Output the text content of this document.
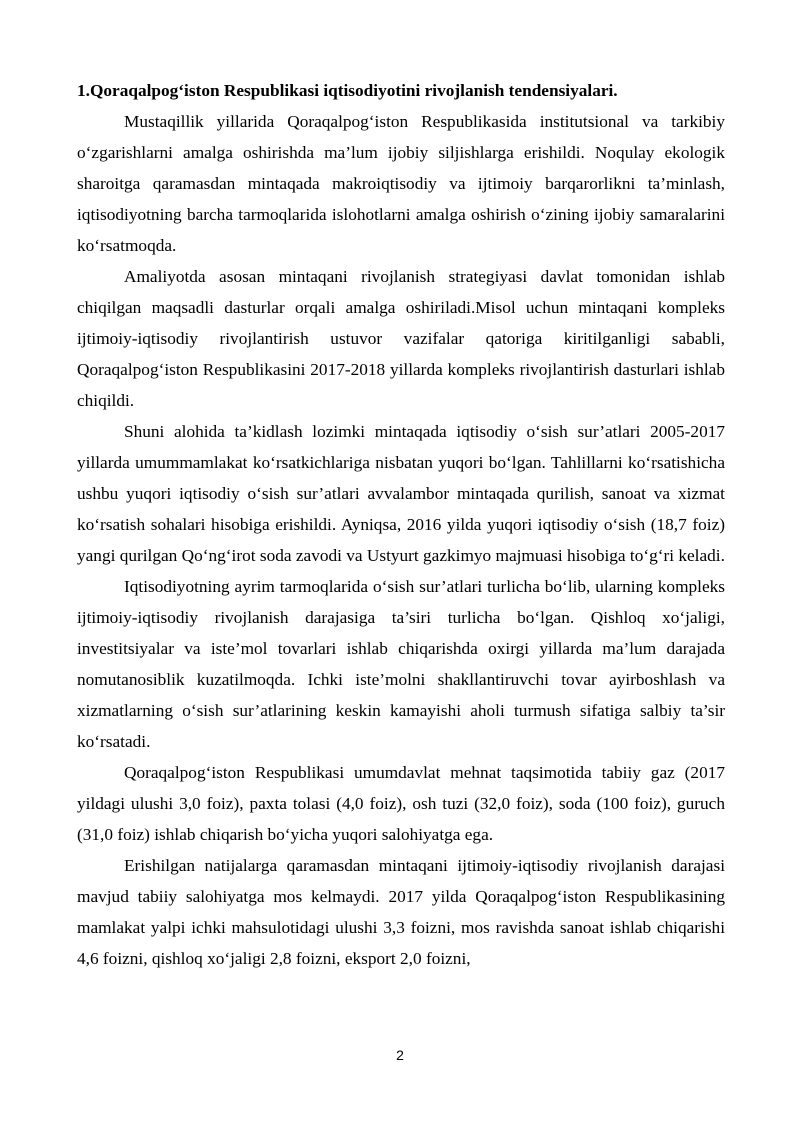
1.Qoraqalpog‘iston Respublikasi iqtisodiyotini rivojlanish tendensiyalari.

Mustaqillik yillarida Qoraqalpog‘iston Respublikasida institutsional va tarkibiy o‘zgarishlarni amalga oshirishda ma’lum ijobiy siljishlarga erishildi. Noqulay ekologik sharoitga qaramasdan mintaqada makroiqtisodiy va ijtimoiy barqarorlikni ta’minlash, iqtisodiyotning barcha tarmoqlarida islohotlarni amalga oshirish o‘zining ijobiy samaralarini ko‘rsatmoqda.

Amaliyotda asosan mintaqani rivojlanish strategiyasi davlat tomonidan ishlab chiqilgan maqsadli dasturlar orqali amalga oshiriladi.Misol uchun mintaqani kompleks ijtimoiy-iqtisodiy rivojlantirish ustuvor vazifalar qatoriga kiritilganligi sababli, Qoraqalpog‘iston Respublikasini 2017-2018 yillarda kompleks rivojlantirish dasturlari ishlab chiqildi.

Shuni alohida ta’kidlash lozimki mintaqada iqtisodiy o‘sish sur’atlari 2005-2017 yillarda umummamlakat ko‘rsatkichlariga nisbatan yuqori bo‘lgan. Tahlillarni ko‘rsatishicha ushbu yuqori iqtisodiy o‘sish sur’atlari avvalambor mintaqada qurilish, sanoat va xizmat ko‘rsatish sohalari hisobiga erishildi. Ayniqsa, 2016 yilda yuqori iqtisodiy o‘sish (18,7 foiz) yangi qurilgan Qo‘ng‘irot soda zavodi va Ustyurt gazkimyo majmuasi hisobiga to‘g‘ri keladi.

Iqtisodiyotning ayrim tarmoqlarida o‘sish sur’atlari turlicha bo‘lib, ularning kompleks ijtimoiy-iqtisodiy rivojlanish darajasiga ta’siri turlicha bo‘lgan. Qishloq xo‘jaligi, investitsiyalar va iste’mol tovarlari ishlab chiqarishda oxirgi yillarda ma’lum darajada nomutanosiblik kuzatilmoqda. Ichki iste’molni shakllantiruvchi tovar ayirboshlash va xizmatlarning o‘sish sur’atlarining keskin kamayishi aholi turmush sifatiga salbiy ta’sir ko‘rsatadi.

Qoraqalpog‘iston Respublikasi umumdavlat mehnat taqsimotida tabiiy gaz (2017 yildagi ulushi 3,0 foiz), paxta tolasi (4,0 foiz), osh tuzi (32,0 foiz), soda (100 foiz), guruch (31,0 foiz) ishlab chiqarish bo‘yicha yuqori salohiyatga ega.

Erishilgan natijalarga qaramasdan mintaqani ijtimoiy-iqtisodiy rivojlanish darajasi mavjud tabiiy salohiyatga mos kelmaydi. 2017 yilda Qoraqalpog‘iston Respublikasining mamlakat yalpi ichki mahsulotidagi ulushi 3,3 foizni, mos ravishda sanoat ishlab chiqarishi 4,6 foizni, qishloq xo‘jaligi 2,8 foizni, eksport 2,0 foizni,

2
